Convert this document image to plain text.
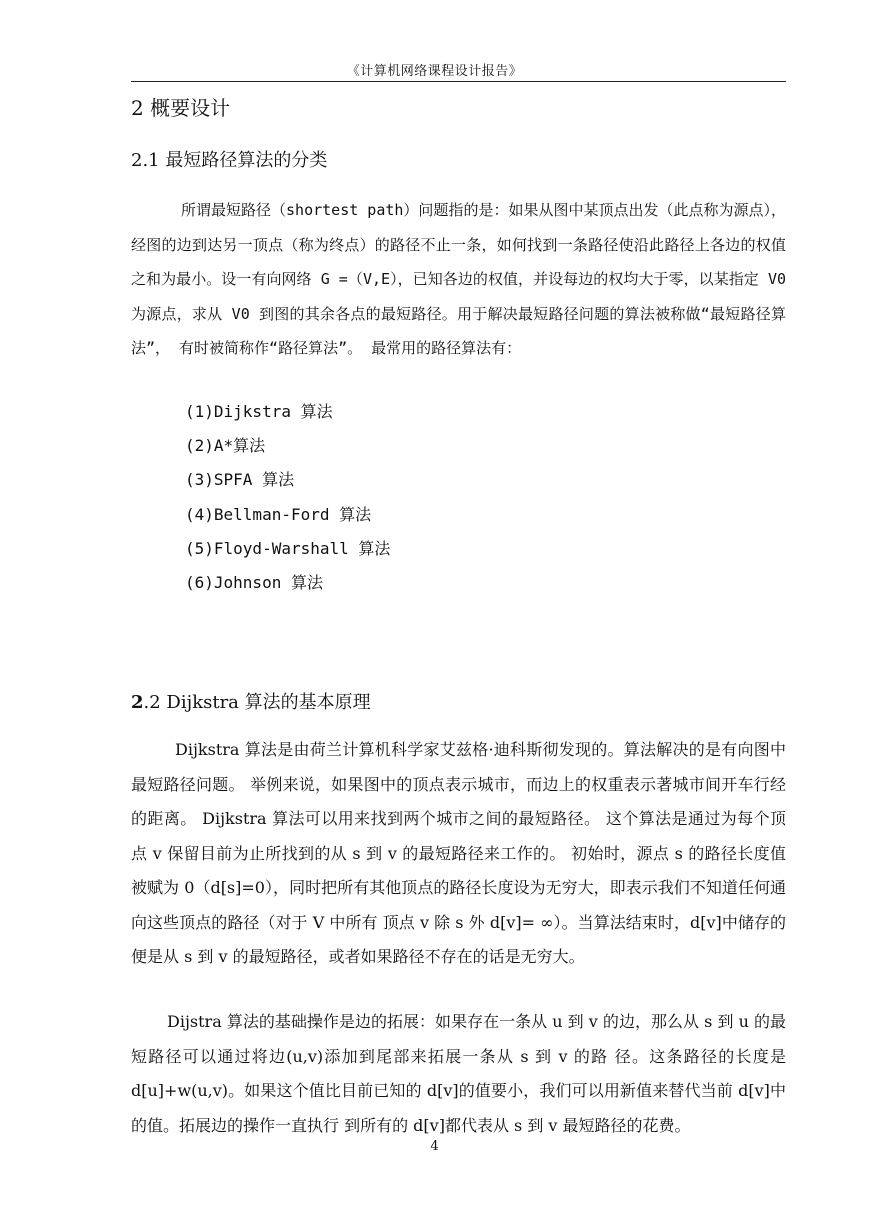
《计算机网络课程设计报告》
2 概要设计
2.1 最短路径算法的分类
所谓最短路径（shortest path）问题指的是：如果从图中某顶点出发（此点称为源点），经图的边到达另一顶点（称为终点）的路径不止一条，如何找到一条路径使沿此路径上各边的权值之和为最小。设一有向网络 G =（V,E），已知各边的权值，并设每边的权均大于零，以某指定 V0 为源点，求从 V0 到图的其余各点的最短路径。用于解决最短路径问题的算法被称做“最短路径算法”， 有时被简称作“路径算法”。 最常用的路径算法有：
(1)Dijkstra 算法
(2)A*算法
(3)SPFA 算法
(4)Bellman-Ford 算法
(5)Floyd-Warshall 算法
(6)Johnson 算法
2.2 Dijkstra 算法的基本原理
Dijkstra 算法是由荷兰计算机科学家艾兹格·迪科斯彻发现的。算法解决的是有向图中最短路径问题。 举例来说，如果图中的顶点表示城市，而边上的权重表示著城市间开车行经的距离。 Dijkstra 算法可以用来找到两个城市之间的最短路径。 这个算法是通过为每个顶点 v 保留目前为止所找到的从 s 到 v 的最短路径来工作的。 初始时，源点 s 的路径长度值被赋为 0（d[s]=0），同时把所有其他顶点的路径长度设为无穷大，即表示我们不知道任何通向这些顶点的路径（对于 V 中所有 顶点 v 除 s 外 d[v]= ∞）。当算法结束时，d[v]中储存的便是从 s 到 v 的最短路径，或者如果路径不存在的话是无穷大。
Dijstra 算法的基础操作是边的拓展：如果存在一条从 u 到 v 的边，那么从 s 到 u 的最短路径可以通过将边(u,v)添加到尾部来拓展一条从 s 到 v 的路 径。这条路径的长度是 d[u]+w(u,v)。如果这个值比目前已知的 d[v]的值要小，我们可以用新值来替代当前 d[v]中的值。拓展边的操作一直执行 到所有的 d[v]都代表从 s 到 v 最短路径的花费。
4
